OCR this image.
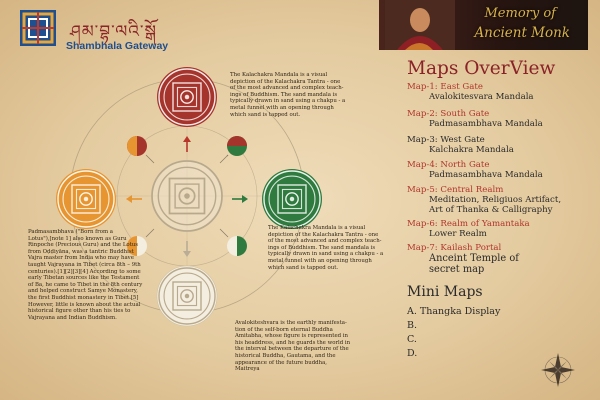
ཤམ་བྷ་ལའི་སྒོ
Shambhala Gateway
Memory of
Ancient Monk
Maps OverView
Map-1: East Gate
Avalokitesvara Mandala
Map-2: South Gate
Padmasambhava Mandala
Map-3: West Gate
Kalchakra Mandala
Map-4: North Gate
Padmasambhava Mandala
Map-5: Central Realm
Meditation, Religiuos Artifact,
Art of Thanka & Calligraphy
Map-6: Realm of Yamantaka
Lower Realm
Map-7: Kailash Portal
Anceint Temple of
secret map
Mini Maps
A. Thangka Display
B.
C.
D.
The Kalachakra Mandala is a visual
depiction of the Kalachakra Tantra - one
of the most advanced and complex teach-
ings of Buddhism. The sand mandala is
typically drawn in sand using a chakpu - a
metal funnel with an opening through
which sand is tapped out.
The Kalachakra Mandala is a visual
depiction of the Kalachakra Tantra - one
of the most advanced and complex teach-
ings of Buddhism. The sand mandala is
typically drawn in sand using a chakpu - a
metal funnel with an opening through
which sand is tapped out.
Padmasambhava ("Born from a
Lotus"),[note 1] also known as Guru
Rinpoche (Precious Guru) and the Lotus
from Oḍḍiyāna, was a tantric Buddhist
Vajra master from India who may have
taught Vajrayana in Tibet (circa 8th – 9th
centuries).[1][2][3][4] According to some
early Tibetan sources like the Testament
of Ba, he came to Tibet in the 8th century
and helped construct Samye Monastery,
the first Buddhist monastery in Tibet.[5]
However, little is known about the actual
historical figure other than his ties to
Vajrayana and Indian Buddhism.
Avalokiteshvara is the earthly manifesta-
tion of the self-born eternal Buddha
Amitabha, whose figure is represented in
his headdress, and he guards the world in
the interval between the departure of the
historical Buddha, Gautama, and the
appearance of the future buddha,
Maitreya
